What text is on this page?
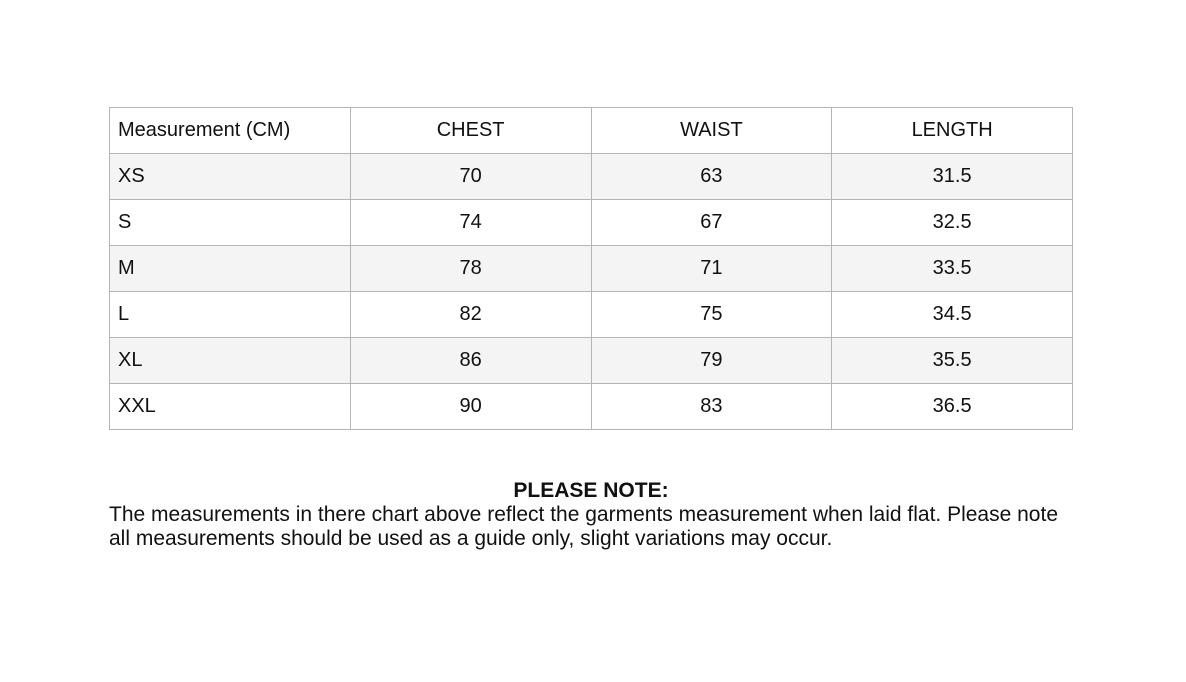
Measurement (CM)	CHEST	WAIST	LENGTH
XS	70	63	31.5
S	74	67	32.5
M	78	71	33.5
L	82	75	34.5
XL	86	79	35.5
XXL	90	83	36.5

PLEASE NOTE:

The measurements in there chart above reflect the garments measurement when laid flat. Please note all measurements should be used as a guide only, slight variations may occur.
